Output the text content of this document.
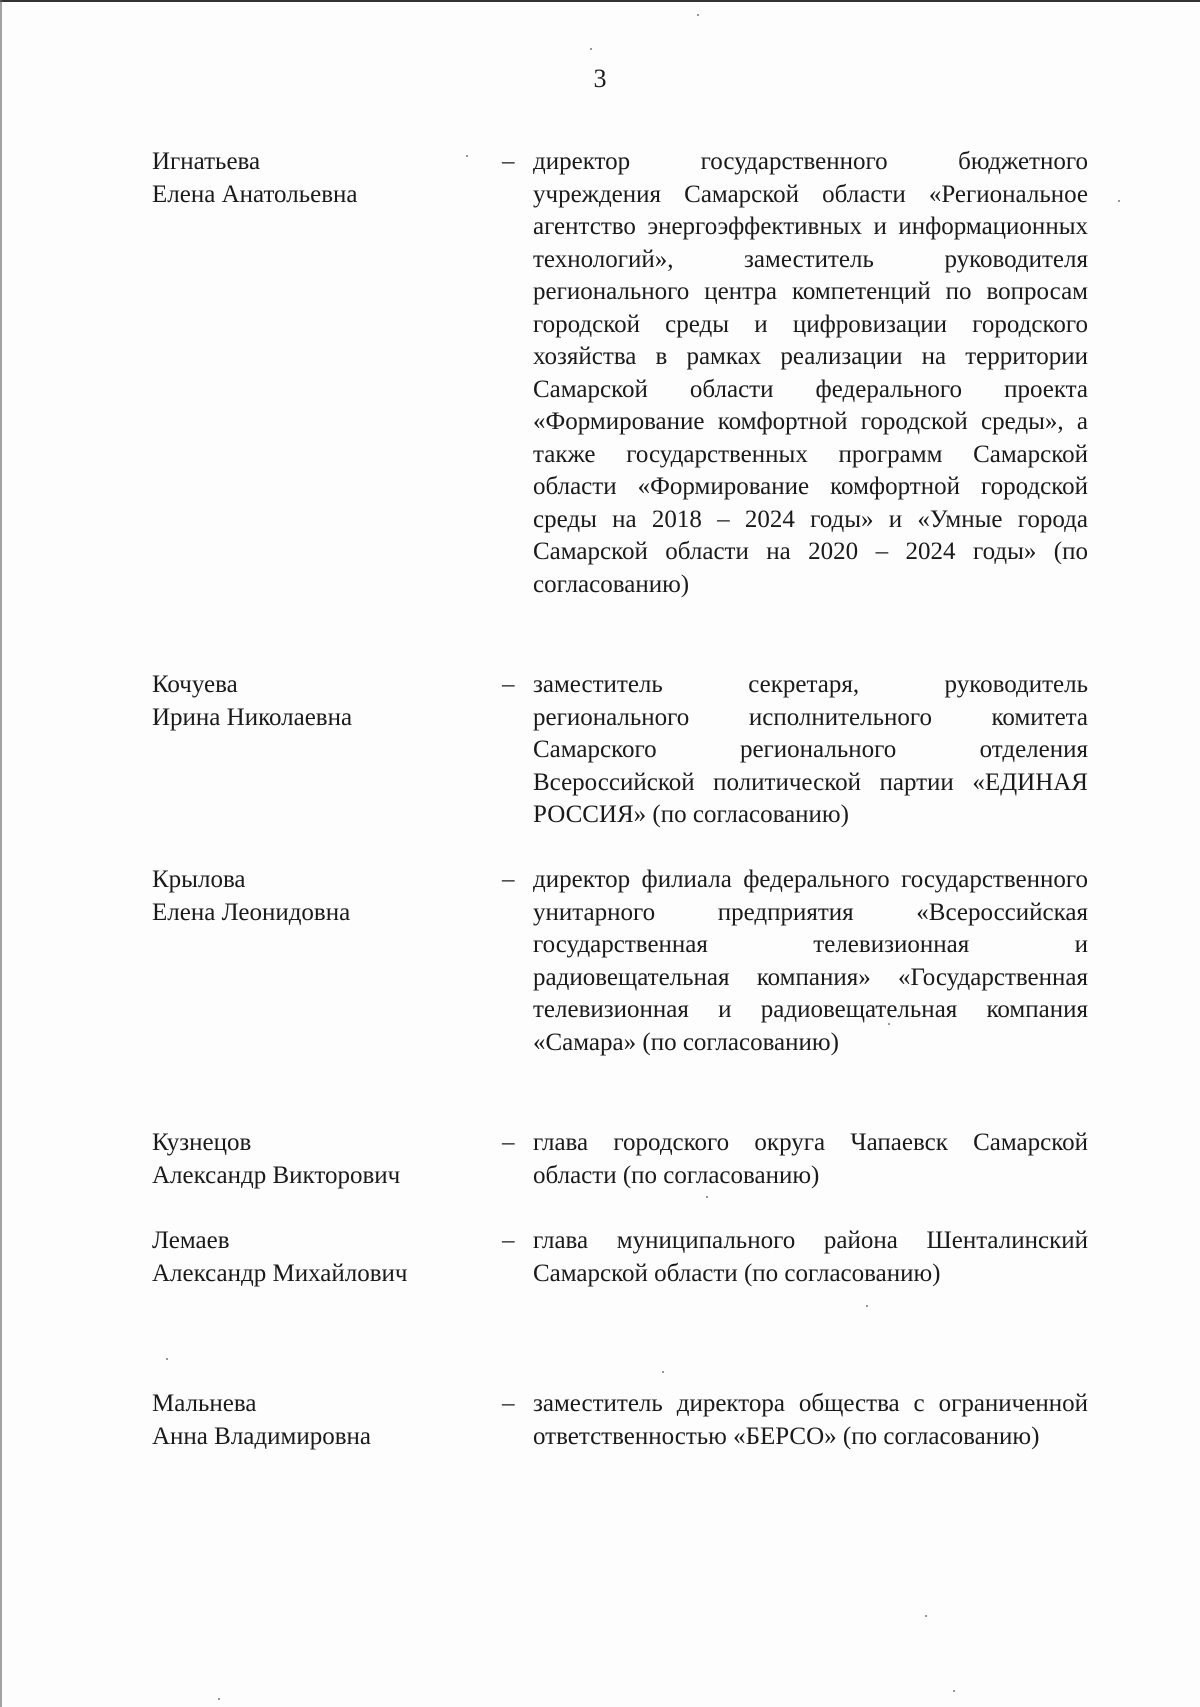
3
Игнатьева
Елена Анатольевна
– директор государственного бюджетного учреждения Самарской области «Региональное агентство энергоэффективных и информационных технологий», заместитель руководителя регионального центра компетенций по вопросам городской среды и цифровизации городского хозяйства в рамках реализации на территории Самарской области федерального проекта «Формирование комфортной городской среды», а также государственных программ Самарской области «Формирование комфортной городской среды на 2018 – 2024 годы» и «Умные города Самарской области на 2020 – 2024 годы» (по согласованию)
Кочуева
Ирина Николаевна
– заместитель секретаря, руководитель регионального исполнительного комитета Самарского регионального отделения Всероссийской политической партии «ЕДИНАЯ РОССИЯ» (по согласованию)
Крылова
Елена Леонидовна
– директор филиала федерального государственного унитарного предприятия «Всероссийская государственная телевизионная и радиовещательная компания» «Государственная телевизионная и радиовещательная компания «Самара» (по согласованию)
Кузнецов
Александр Викторович
– глава городского округа Чапаевск Самарской области (по согласованию)
Лемаев
Александр Михайлович
– глава муниципального района Шенталинский Самарской области (по согласованию)
Мальнева
Анна Владимировна
– заместитель директора общества с ограниченной ответственностью «БЕРСО» (по согласованию)
